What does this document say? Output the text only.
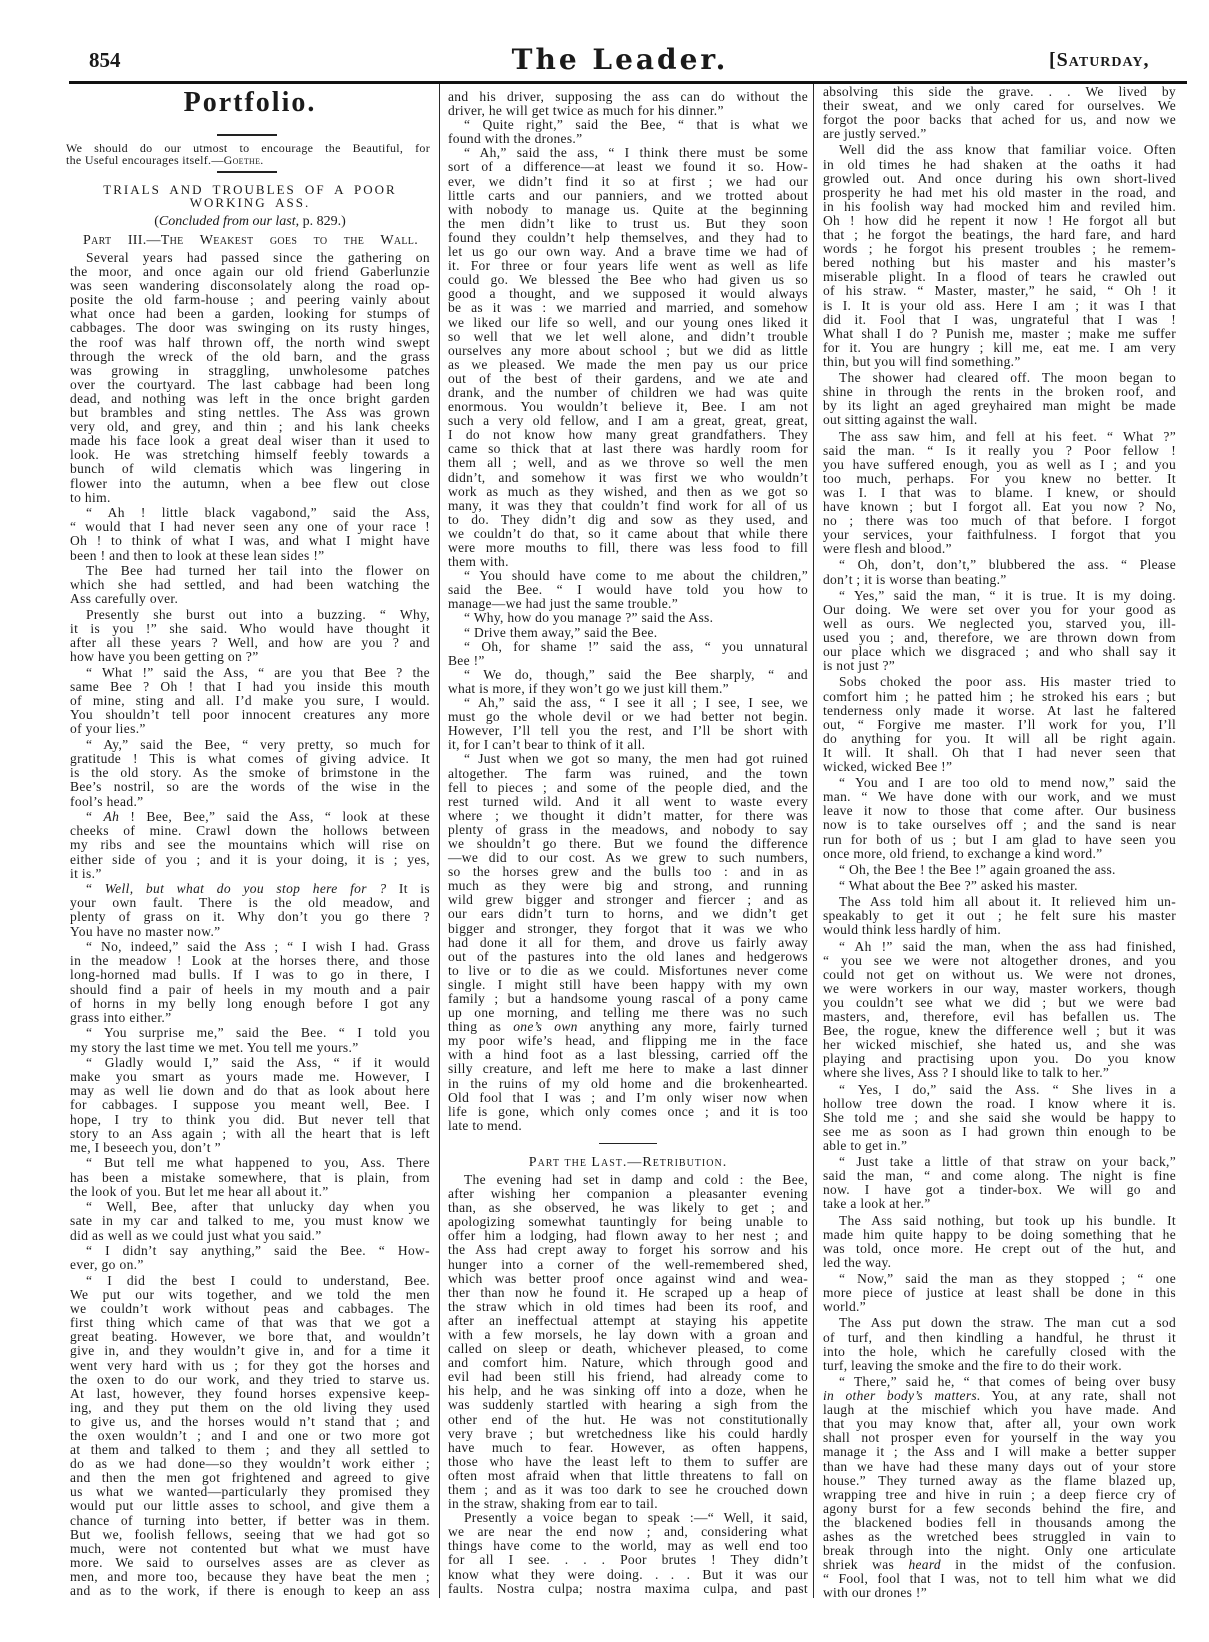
854	The Leader.	[Saturday,
Portfolio.
We should do our utmost to encourage the Beautiful, for
the Useful encourages itself.—Goethe.
TRIALS AND TROUBLES OF A POOR
WORKING ASS.
(Concluded from our last, p. 829.)
Part III.—The Weakest goes to the Wall.
Several years had passed since the gathering on
the moor, and once again our old friend Gaberlunzie
was seen wandering disconsolately along the road op-
posite the old farm-house ; and peering vainly about
what once had been a garden, looking for stumps of
cabbages. The door was swinging on its rusty hinges,
the roof was half thrown off, the north wind swept
through the wreck of the old barn, and the grass
was growing in straggling, unwholesome patches
over the courtyard. The last cabbage had been long
dead, and nothing was left in the once bright garden
but brambles and sting nettles. The Ass was grown
very old, and grey, and thin ; and his lank cheeks
made his face look a great deal wiser than it used to
look. He was stretching himself feebly towards a
bunch of wild clematis which was lingering in
flower into the autumn, when a bee flew out close
to him.
“ Ah ! little black vagabond,” said the Ass,
“ would that I had never seen any one of your race !
Oh ! to think of what I was, and what I might have
been ! and then to look at these lean sides !”
The Bee had turned her tail into the flower on
which she had settled, and had been watching the
Ass carefully over.
Presently she burst out into a buzzing. “ Why,
it is you !” she said. Who would have thought it
after all these years ? Well, and how are you ? and
how have you been getting on ?”
“ What !” said the Ass, “ are you that Bee ? the
same Bee ? Oh ! that I had you inside this mouth
of mine, sting and all. I’d make you sure, I would.
You shouldn’t tell poor innocent creatures any more
of your lies.”
“ Ay,” said the Bee, “ very pretty, so much for
gratitude ! This is what comes of giving advice. It
is the old story. As the smoke of brimstone in the
Bee’s nostril, so are the words of the wise in the
fool’s head.”
“ Ah ! Bee, Bee,” said the Ass, “ look at these
cheeks of mine. Crawl down the hollows between
my ribs and see the mountains which will rise on
either side of you ; and it is your doing, it is ; yes,
it is.”
“ Well, but what do you stop here for ? It is
your own fault. There is the old meadow, and
plenty of grass on it. Why don’t you go there ?
You have no master now.”
“ No, indeed,” said the Ass ; “ I wish I had. Grass
in the meadow ! Look at the horses there, and those
long-horned mad bulls. If I was to go in there, I
should find a pair of heels in my mouth and a pair
of horns in my belly long enough before I got any
grass into either.”
“ You surprise me,” said the Bee. “ I told you
my story the last time we met. You tell me yours.”
“ Gladly would I,” said the Ass, “ if it would
make you smart as yours made me. However, I
may as well lie down and do that as look about here
for cabbages. I suppose you meant well, Bee. I
hope, I try to think you did. But never tell that
story to an Ass again ; with all the heart that is left
me, I beseech you, don’t ”
“ But tell me what happened to you, Ass. There
has been a mistake somewhere, that is plain, from
the look of you. But let me hear all about it.”
“ Well, Bee, after that unlucky day when you
sate in my car and talked to me, you must know we
did as well as we could just what you said.”
“ I didn’t say anything,” said the Bee. “ How-
ever, go on.”
“ I did the best I could to understand, Bee.
We put our wits together, and we told the men
we couldn’t work without peas and cabbages. The
first thing which came of that was that we got a
great beating. However, we bore that, and wouldn’t
give in, and they wouldn’t give in, and for a time it
went very hard with us ; for they got the horses and
the oxen to do our work, and they tried to starve us.
At last, however, they found horses expensive keep-
ing, and they put them on the old living they used
to give us, and the horses would n’t stand that ; and
the oxen wouldn’t ; and I and one or two more got
at them and talked to them ; and they all settled to
do as we had done—so they wouldn’t work either ;
and then the men got frightened and agreed to give
us what we wanted—particularly they promised they
would put our little asses to school, and give them a
chance of turning into better, if better was in them.
But we, foolish fellows, seeing that we had got so
much, were not contented but what we must have
more. We said to ourselves asses are as clever as
men, and more too, because they have beat the men ;
and as to the work, if there is enough to keep an ass
and his driver, supposing the ass can do without the
driver, he will get twice as much for his dinner.”
“ Quite right,” said the Bee, “ that is what we
found with the drones.”
“ Ah,” said the ass, “ I think there must be some
sort of a difference—at least we found it so. How-
ever, we didn’t find it so at first ; we had our
little carts and our panniers, and we trotted about
with nobody to manage us. Quite at the beginning
the men didn’t like to trust us. But they soon
found they couldn’t help themselves, and they had to
let us go our own way. And a brave time we had of
it. For three or four years life went as well as life
could go. We blessed the Bee who had given us so
good a thought, and we supposed it would always
be as it was : we married and married, and somehow
we liked our life so well, and our young ones liked it
so well that we let well alone, and didn’t trouble
ourselves any more about school ; but we did as little
as we pleased. We made the men pay us our price
out of the best of their gardens, and we ate and
drank, and the number of children we had was quite
enormous. You wouldn’t believe it, Bee. I am not
such a very old fellow, and I am a great, great, great,
I do not know how many great grandfathers. They
came so thick that at last there was hardly room for
them all ; well, and as we throve so well the men
didn’t, and somehow it was first we who wouldn’t
work as much as they wished, and then as we got so
many, it was they that couldn’t find work for all of us
to do. They didn’t dig and sow as they used, and
we couldn’t do that, so it came about that while there
were more mouths to fill, there was less food to fill
them with.
“ You should have come to me about the children,”
said the Bee. “ I would have told you how to
manage—we had just the same trouble.”
“ Why, how do you manage ?” said the Ass.
“ Drive them away,” said the Bee.
“ Oh, for shame !” said the ass, “ you unnatural
Bee !”
“ We do, though,” said the Bee sharply, “ and
what is more, if they won’t go we just kill them.”
“ Ah,” said the ass, “ I see it all ; I see, I see, we
must go the whole devil or we had better not begin.
However, I’ll tell you the rest, and I’ll be short with
it, for I can’t bear to think of it all.
“ Just when we got so many, the men had got ruined
altogether. The farm was ruined, and the town
fell to pieces ; and some of the people died, and the
rest turned wild. And it all went to waste every
where ; we thought it didn’t matter, for there was
plenty of grass in the meadows, and nobody to say
we shouldn’t go there. But we found the difference
—we did to our cost. As we grew to such numbers,
so the horses grew and the bulls too : and in as
much as they were big and strong, and running
wild grew bigger and stronger and fiercer ; and as
our ears didn’t turn to horns, and we didn’t get
bigger and stronger, they forgot that it was we who
had done it all for them, and drove us fairly away
out of the pastures into the old lanes and hedgerows
to live or to die as we could. Misfortunes never come
single. I might still have been happy with my own
family ; but a handsome young rascal of a pony came
up one morning, and telling me there was no such
thing as one’s own anything any more, fairly turned
my poor wife’s head, and flipping me in the face
with a hind foot as a last blessing, carried off the
silly creature, and left me here to make a last dinner
in the ruins of my old home and die brokenhearted.
Old fool that I was ; and I’m only wiser now when
life is gone, which only comes once ; and it is too
late to mend.
Part the Last.—Retribution.
The evening had set in damp and cold : the Bee,
after wishing her companion a pleasanter evening
than, as she observed, he was likely to get ; and
apologizing somewhat tauntingly for being unable to
offer him a lodging, had flown away to her nest ; and
the Ass had crept away to forget his sorrow and his
hunger into a corner of the well-remembered shed,
which was better proof once against wind and wea-
ther than now he found it. He scraped up a heap of
the straw which in old times had been its roof, and
after an ineffectual attempt at staying his appetite
with a few morsels, he lay down with a groan and
called on sleep or death, whichever pleased, to come
and comfort him. Nature, which through good and
evil had been still his friend, had already come to
his help, and he was sinking off into a doze, when he
was suddenly startled with hearing a sigh from the
other end of the hut. He was not constitutionally
very brave ; but wretchedness like his could hardly
have much to fear. However, as often happens,
those who have the least left to them to suffer are
often most afraid when that little threatens to fall on
them ; and as it was too dark to see he crouched down
in the straw, shaking from ear to tail.
Presently a voice began to speak :—“ Well, it said,
we are near the end now ; and, considering what
things have come to the world, may as well end too
for all I see. . . . Poor brutes ! They didn’t
know what they were doing. . . . But it was our
faults. Nostra culpa; nostra maxima culpa, and past
absolving this side the grave. . . We lived by
their sweat, and we only cared for ourselves. We
forgot the poor backs that ached for us, and now we
are justly served.”
Well did the ass know that familiar voice. Often
in old times he had shaken at the oaths it had
growled out. And once during his own short-lived
prosperity he had met his old master in the road, and
in his foolish way had mocked him and reviled him.
Oh ! how did he repent it now ! He forgot all but
that ; he forgot the beatings, the hard fare, and hard
words ; he forgot his present troubles ; he remem-
bered nothing but his master and his master’s
miserable plight. In a flood of tears he crawled out
of his straw. “ Master, master,” he said, “ Oh ! it
is I. It is your old ass. Here I am ; it was I that
did it. Fool that I was, ungrateful that I was !
What shall I do ? Punish me, master ; make me suffer
for it. You are hungry ; kill me, eat me. I am very
thin, but you will find something.”
The shower had cleared off. The moon began to
shine in through the rents in the broken roof, and
by its light an aged greyhaired man might be made
out sitting against the wall.
The ass saw him, and fell at his feet. “ What ?”
said the man. “ Is it really you ? Poor fellow !
you have suffered enough, you as well as I ; and you
too much, perhaps. For you knew no better. It
was I. I that was to blame. I knew, or should
have known ; but I forgot all. Eat you now ? No,
no ; there was too much of that before. I forgot
your services, your faithfulness. I forgot that you
were flesh and blood.”
“ Oh, don’t, don’t,” blubbered the ass. “ Please
don’t ; it is worse than beating.”
“ Yes,” said the man, “ it is true. It is my doing.
Our doing. We were set over you for your good as
well as ours. We neglected you, starved you, ill-
used you ; and, therefore, we are thrown down from
our place which we disgraced ; and who shall say it
is not just ?”
Sobs choked the poor ass. His master tried to
comfort him ; he patted him ; he stroked his ears ; but
tenderness only made it worse. At last he faltered
out, “ Forgive me master. I’ll work for you, I’ll
do anything for you. It will all be right again.
It will. It shall. Oh that I had never seen that
wicked, wicked Bee !”
“ You and I are too old to mend now,” said the
man. “ We have done with our work, and we must
leave it now to those that come after. Our business
now is to take ourselves off ; and the sand is near
run for both of us ; but I am glad to have seen you
once more, old friend, to exchange a kind word.”
“ Oh, the Bee ! the Bee !” again groaned the ass.
“ What about the Bee ?” asked his master.
The Ass told him all about it. It relieved him un-
speakably to get it out ; he felt sure his master
would think less hardly of him.
“ Ah !” said the man, when the ass had finished,
“ you see we were not altogether drones, and you
could not get on without us. We were not drones,
we were workers in our way, master workers, though
you couldn’t see what we did ; but we were bad
masters, and, therefore, evil has befallen us. The
Bee, the rogue, knew the difference well ; but it was
her wicked mischief, she hated us, and she was
playing and practising upon you. Do you know
where she lives, Ass ? I should like to talk to her.”
“ Yes, I do,” said the Ass. “ She lives in a
hollow tree down the road. I know where it is.
She told me ; and she said she would be happy to
see me as soon as I had grown thin enough to be
able to get in.”
“ Just take a little of that straw on your back,”
said the man, “ and come along. The night is fine
now. I have got a tinder-box. We will go and
take a look at her.”
The Ass said nothing, but took up his bundle. It
made him quite happy to be doing something that he
was told, once more. He crept out of the hut, and
led the way.
“ Now,” said the man as they stopped ; “ one
more piece of justice at least shall be done in this
world.”
The Ass put down the straw. The man cut a sod
of turf, and then kindling a handful, he thrust it
into the hole, which he carefully closed with the
turf, leaving the smoke and the fire to do their work.
“ There,” said he, “ that comes of being over busy
in other body’s matters. You, at any rate, shall not
laugh at the mischief which you have made. And
that you may know that, after all, your own work
shall not prosper even for yourself in the way you
manage it ; the Ass and I will make a better supper
than we have had these many days out of your store
house.” They turned away as the flame blazed up,
wrapping tree and hive in ruin ; a deep fierce cry of
agony burst for a few seconds behind the fire, and
the blackened bodies fell in thousands among the
ashes as the wretched bees struggled in vain to
break through into the night. Only one articulate
shriek was heard in the midst of the confusion.
“ Fool, fool that I was, not to tell him what we did
with our drones !”
